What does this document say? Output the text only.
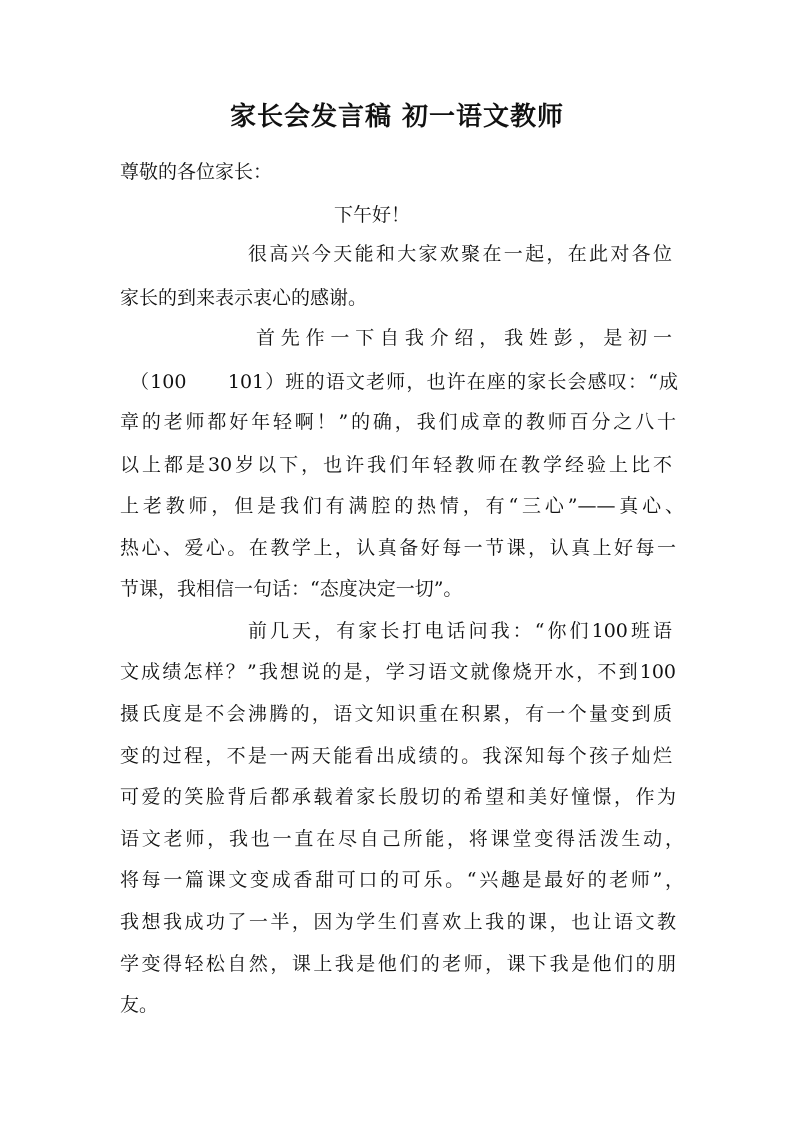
家长会发言稿 初一语文教师

尊敬的各位家长：

下午好！

很高兴今天能和大家欢聚在一起，在此对各位

家长的到来表示衷心的感谢。

首先作一下自我介绍，我姓彭，是初一

（100　　101）班的语文老师，也许在座的家长会感叹：“成

章的老师都好年轻啊！”的确，我们成章的教师百分之八十

以上都是30岁以下，也许我们年轻教师在教学经验上比不

上老教师，但是我们有满腔的热情，有“三心”——真心、

热心、爱心。在教学上，认真备好每一节课，认真上好每一

节课，我相信一句话：“态度决定一切”。

前几天，有家长打电话问我：“你们100班语

文成绩怎样？”我想说的是，学习语文就像烧开水，不到100

摄氏度是不会沸腾的，语文知识重在积累，有一个量变到质

变的过程，不是一两天能看出成绩的。我深知每个孩子灿烂

可爱的笑脸背后都承载着家长殷切的希望和美好憧憬，作为

语文老师，我也一直在尽自己所能，将课堂变得活泼生动，

将每一篇课文变成香甜可口的可乐。“兴趣是最好的老师”，

我想我成功了一半，因为学生们喜欢上我的课，也让语文教

学变得轻松自然，课上我是他们的老师，课下我是他们的朋

友。
